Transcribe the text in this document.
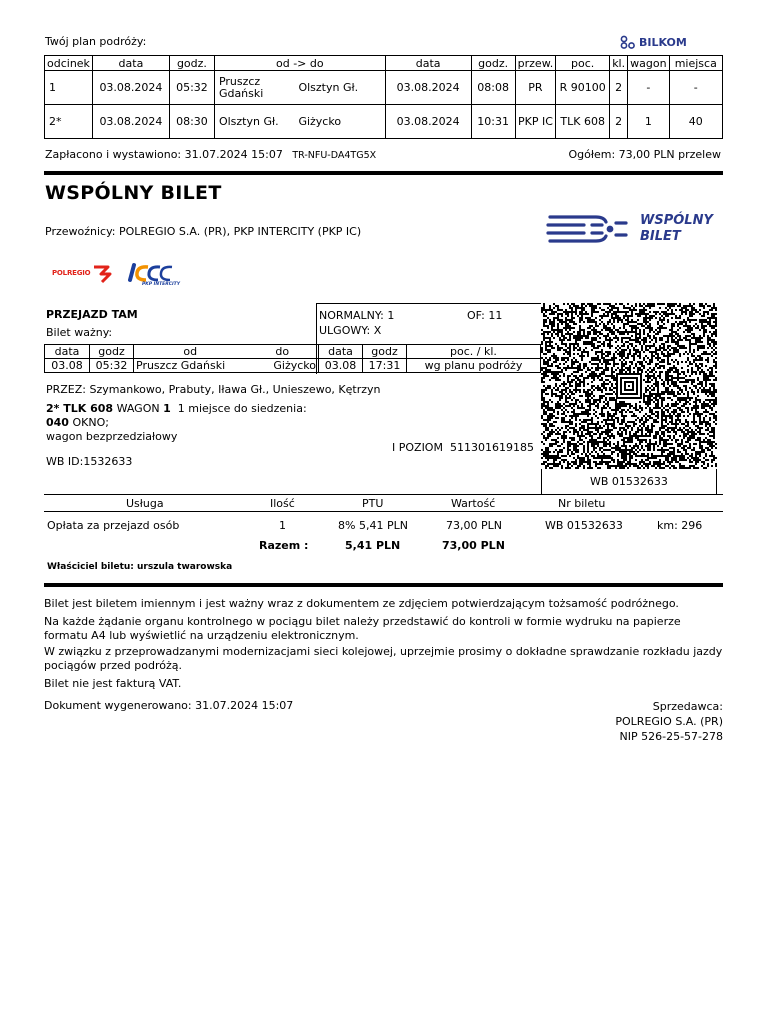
Twój plan podróży:	BILKOM
odcinek	data	godz.	od -> do		data	godz.	przew.	poc.	kl.	wagon	miejsca
1	03.08.2024	05:32	Pruszcz Gdański	Olsztyn Gł.	03.08.2024	08:08	PR	R 90100	2	-	-
2*	03.08.2024	08:30	Olsztyn Gł.	Giżycko	03.08.2024	10:31	PKP IC	TLK 608	2	1	40
Zapłacono i wystawiono: 31.07.2024 15:07 TR-NFU-DA4TG5X	Ogółem: 73,00 PLN przelew
WSPÓLNY BILET
Przewoźnicy: POLREGIO S.A. (PR), PKP INTERCITY (PKP IC)
WSPÓLNY
BILET
POLREGIO
PKP INTERCITY
PRZEJAZD TAM
Bilet ważny:
NORMALNY: 1	OF: 11
ULGOWY: X
data	godz	od	do	data	godz	poc. / kl.
03.08	05:32	Pruszcz Gdański	Giżycko	03.08	17:31	wg planu podróży
PRZEZ: Szymankowo, Prabuty, Iława Gł., Unieszewo, Kętrzyn
2* TLK 608 WAGON 1 1 miejsce do siedzenia:
040 OKNO;
wagon bezprzedziałowy
I POZIOM 511301619185
WB ID:1532633
WB 01532633
Usługa	Ilość	PTU	Wartość	Nr biletu
Opłata za przejazd osób	1	8% 5,41 PLN	73,00 PLN	WB 01532633	km: 296
Razem :	5,41 PLN	73,00 PLN
Właściciel biletu: urszula twarowska

Bilet jest biletem imiennym i jest ważny wraz z dokumentem ze zdjęciem potwierdzającym tożsamość podróżnego.

Na każde żądanie organu kontrolnego w pociągu bilet należy przedstawić do kontroli w formie wydruku na papierze formatu A4 lub wyświetlić na urządzeniu elektronicznym.

W związku z przeprowadzanymi modernizacjami sieci kolejowej, uprzejmie prosimy o dokładne sprawdzanie rozkładu jazdy pociągów przed podróżą.

Bilet nie jest fakturą VAT.

Dokument wygenerowano: 31.07.2024 15:07	Sprzedawca:
POLREGIO S.A. (PR)
NIP 526-25-57-278
